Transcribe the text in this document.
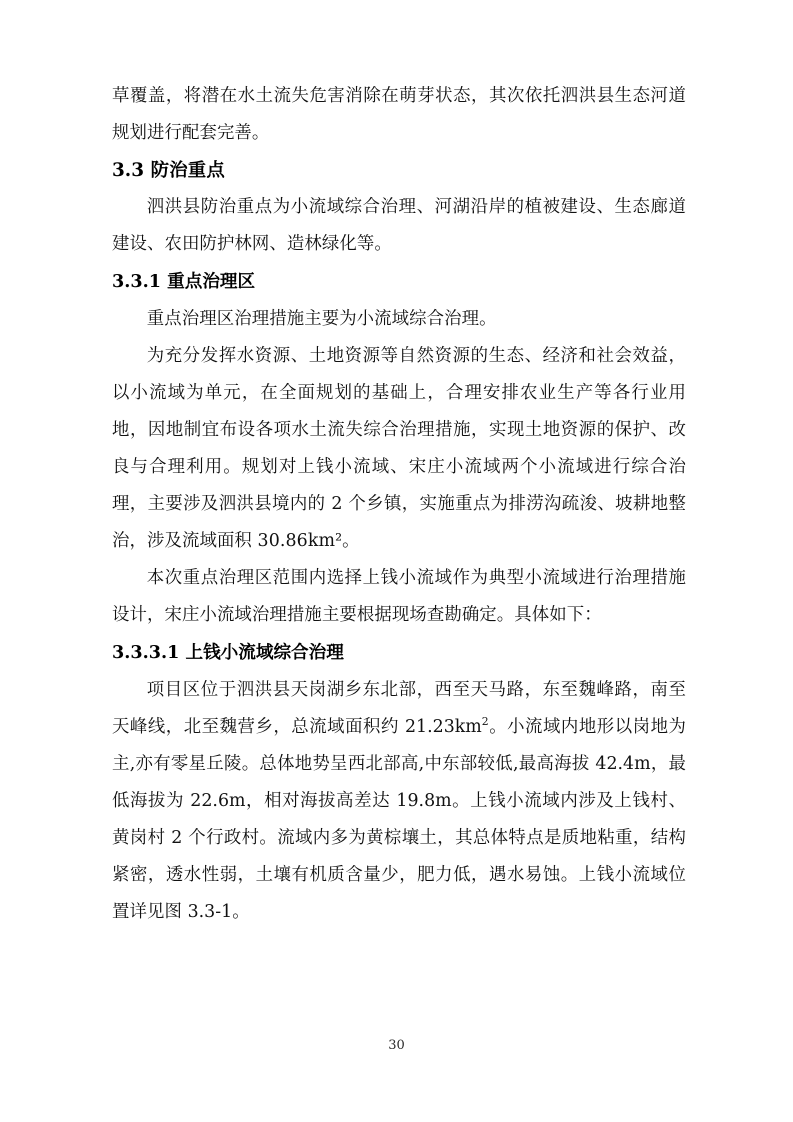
草覆盖，将潜在水土流失危害消除在萌芽状态，其次依托泗洪县生态河道规划进行配套完善。

3.3 防治重点

泗洪县防治重点为小流域综合治理、河湖沿岸的植被建设、生态廊道建设、农田防护林网、造林绿化等。

3.3.1 重点治理区

重点治理区治理措施主要为小流域综合治理。

为充分发挥水资源、土地资源等自然资源的生态、经济和社会效益，以小流域为单元，在全面规划的基础上，合理安排农业生产等各行业用地，因地制宜布设各项水土流失综合治理措施，实现土地资源的保护、改良与合理利用。规划对上钱小流域、宋庄小流域两个小流域进行综合治理，主要涉及泗洪县境内的 2 个乡镇，实施重点为排涝沟疏浚、坡耕地整治，涉及流域面积 30.86km²。

本次重点治理区范围内选择上钱小流域作为典型小流域进行治理措施设计，宋庄小流域治理措施主要根据现场查勘确定。具体如下：

3.3.3.1 上钱小流域综合治理

项目区位于泗洪县天岗湖乡东北部，西至天马路，东至魏峰路，南至天峰线，北至魏营乡，总流域面积约 $21.23km^2$。小流域内地形以岗地为主,亦有零星丘陵。总体地势呈西北部高,中东部较低,最高海拔 42.4m，最低海拔为 22.6m，相对海拔高差达 19.8m。上钱小流域内涉及上钱村、黄岗村 2 个行政村。流域内多为黄棕壤土，其总体特点是质地粘重，结构紧密，透水性弱，土壤有机质含量少，肥力低，遇水易蚀。上钱小流域位置详见图 3.3-1。

30
